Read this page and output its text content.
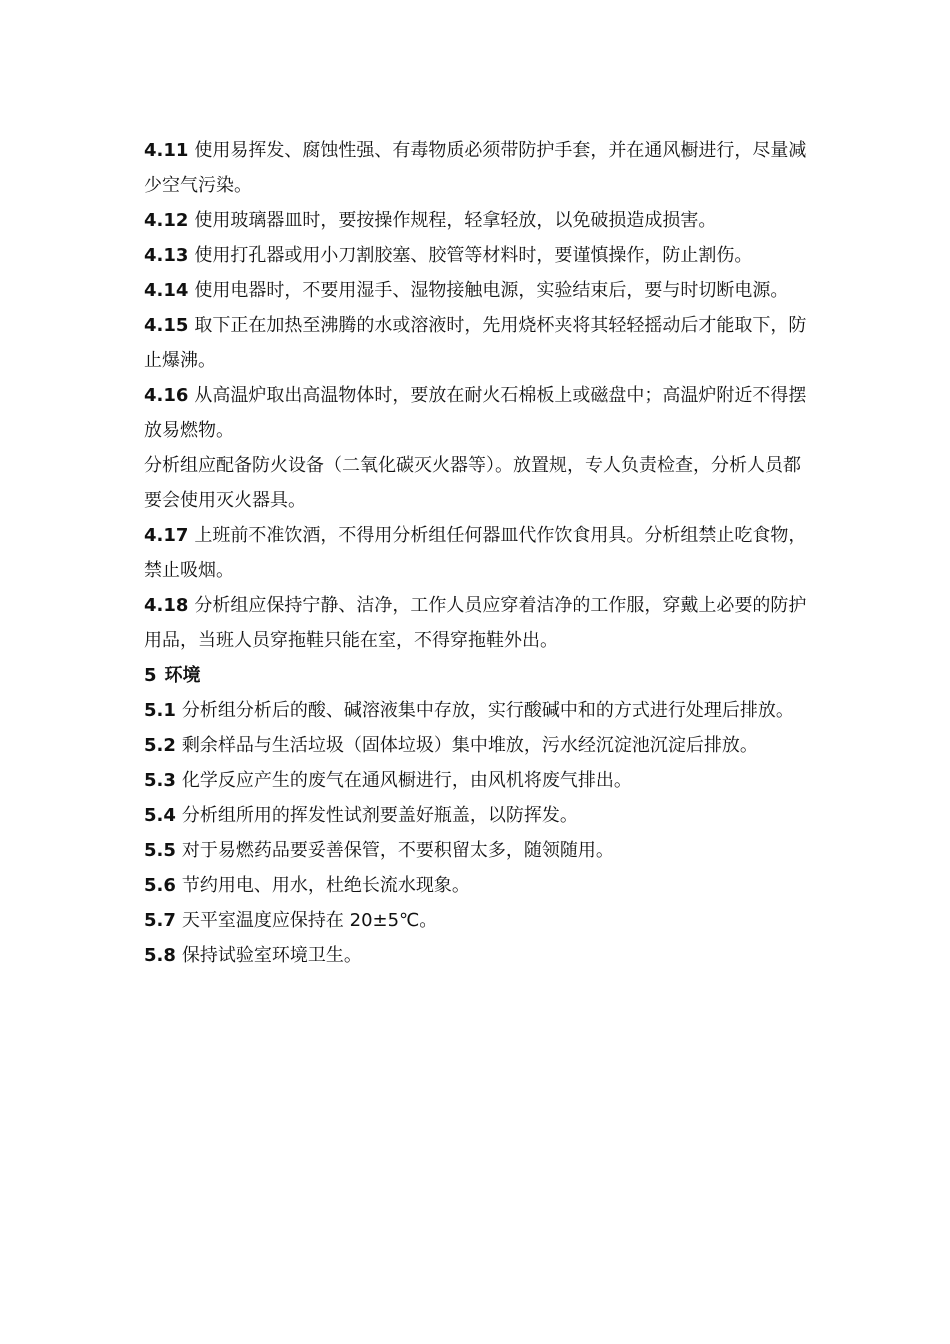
4.11 使用易挥发、腐蚀性强、有毒物质必须带防护手套，并在通风橱进行，尽量减少空气污染。

4.12 使用玻璃器皿时，要按操作规程，轻拿轻放，以免破损造成损害。

4.13 使用打孔器或用小刀割胶塞、胶管等材料时，要谨慎操作，防止割伤。

4.14 使用电器时，不要用湿手、湿物接触电源，实验结束后，要与时切断电源。

4.15 取下正在加热至沸腾的水或溶液时，先用烧杯夹将其轻轻摇动后才能取下，防止爆沸。

4.16 从高温炉取出高温物体时，要放在耐火石棉板上或磁盘中；高温炉附近不得摆放易燃物。

分析组应配备防火设备（二氧化碳灭火器等）。放置规，专人负责检查，分析人员都要会使用灭火器具。

4.17 上班前不准饮酒，不得用分析组任何器皿代作饮食用具。分析组禁止吃食物，禁止吸烟。

4.18 分析组应保持宁静、洁净，工作人员应穿着洁净的工作服，穿戴上必要的防护用品，当班人员穿拖鞋只能在室，不得穿拖鞋外出。

5 环境

5.1 分析组分析后的酸、碱溶液集中存放，实行酸碱中和的方式进行处理后排放。

5.2 剩余样品与生活垃圾（固体垃圾）集中堆放，污水经沉淀池沉淀后排放。

5.3 化学反应产生的废气在通风橱进行，由风机将废气排出。

5.4 分析组所用的挥发性试剂要盖好瓶盖，以防挥发。

5.5 对于易燃药品要妥善保管，不要积留太多，随领随用。

5.6 节约用电、用水，杜绝长流水现象。

5.7 天平室温度应保持在 20±5℃。

5.8 保持试验室环境卫生。
